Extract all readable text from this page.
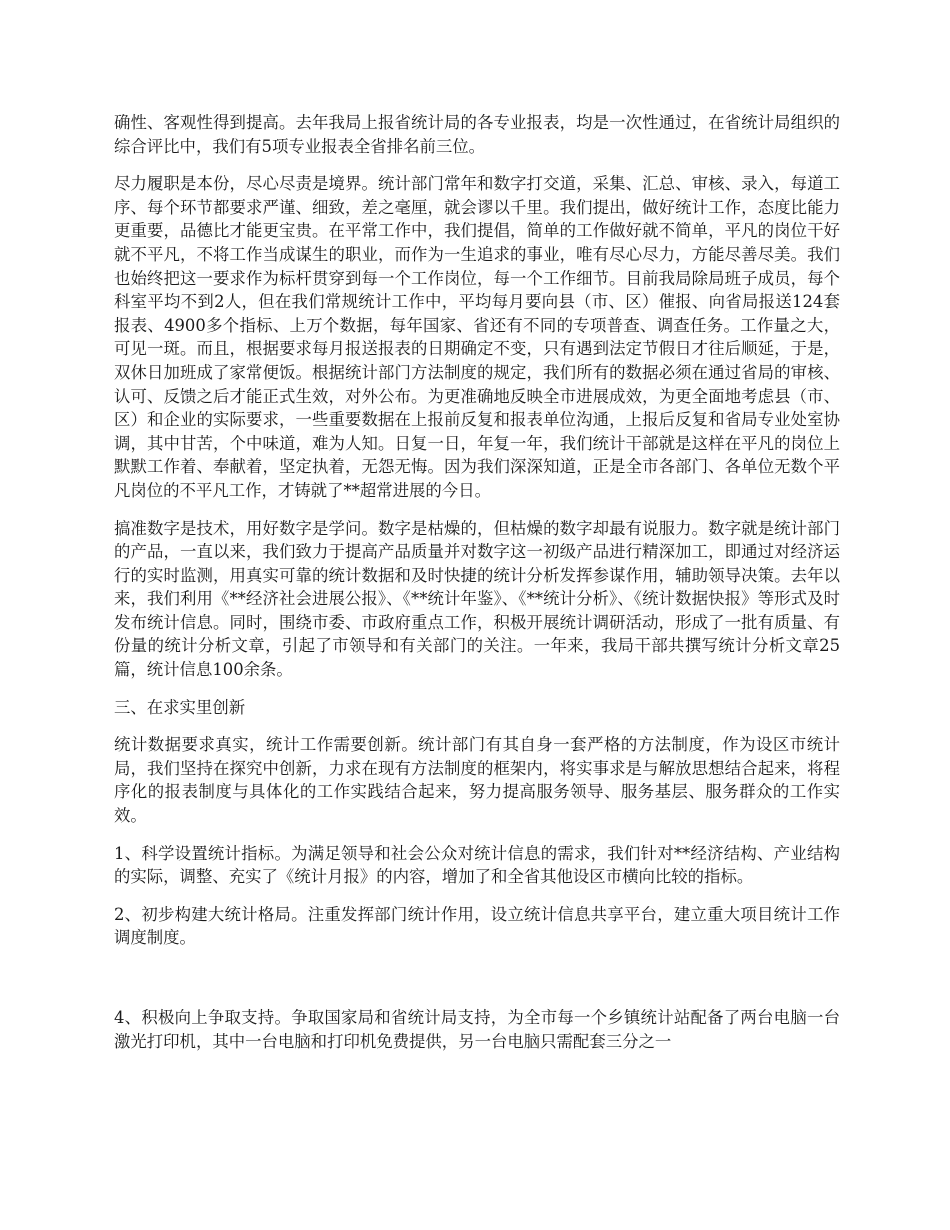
确性、客观性得到提高。去年我局上报省统计局的各专业报表，均是一次性通过，在省统计局组织的综合评比中，我们有5项专业报表全省排名前三位。

尽力履职是本份，尽心尽责是境界。统计部门常年和数字打交道，采集、汇总、审核、录入，每道工序、每个环节都要求严谨、细致，差之毫厘，就会谬以千里。我们提出，做好统计工作，态度比能力更重要，品德比才能更宝贵。在平常工作中，我们提倡，简单的工作做好就不简单，平凡的岗位干好就不平凡，不将工作当成谋生的职业，而作为一生追求的事业，唯有尽心尽力，方能尽善尽美。我们也始终把这一要求作为标杆贯穿到每一个工作岗位，每一个工作细节。目前我局除局班子成员，每个科室平均不到2人，但在我们常规统计工作中，平均每月要向县（市、区）催报、向省局报送124套报表、4900多个指标、上万个数据，每年国家、省还有不同的专项普查、调查任务。工作量之大，可见一斑。而且，根据要求每月报送报表的日期确定不变，只有遇到法定节假日才往后顺延，于是，双休日加班成了家常便饭。根据统计部门方法制度的规定，我们所有的数据必须在通过省局的审核、认可、反馈之后才能正式生效，对外公布。为更准确地反映全市进展成效，为更全面地考虑县（市、区）和企业的实际要求，一些重要数据在上报前反复和报表单位沟通，上报后反复和省局专业处室协调，其中甘苦，个中味道，难为人知。日复一日，年复一年，我们统计干部就是这样在平凡的岗位上默默工作着、奉献着，坚定执着，无怨无悔。因为我们深深知道，正是全市各部门、各单位无数个平凡岗位的不平凡工作，才铸就了**超常进展的今日。

搞准数字是技术，用好数字是学问。数字是枯燥的，但枯燥的数字却最有说服力。数字就是统计部门的产品，一直以来，我们致力于提高产品质量并对数字这一初级产品进行精深加工，即通过对经济运行的实时监测，用真实可靠的统计数据和及时快捷的统计分析发挥参谋作用，辅助领导决策。去年以来，我们利用《**经济社会进展公报》、《**统计年鉴》、《**统计分析》、《统计数据快报》等形式及时发布统计信息。同时，围绕市委、市政府重点工作，积极开展统计调研活动，形成了一批有质量、有份量的统计分析文章，引起了市领导和有关部门的关注。一年来，我局干部共撰写统计分析文章25篇，统计信息100余条。

三、在求实里创新

统计数据要求真实，统计工作需要创新。统计部门有其自身一套严格的方法制度，作为设区市统计局，我们坚持在探究中创新，力求在现有方法制度的框架内，将实事求是与解放思想结合起来，将程序化的报表制度与具体化的工作实践结合起来，努力提高服务领导、服务基层、服务群众的工作实效。

1、科学设置统计指标。为满足领导和社会公众对统计信息的需求，我们针对**经济结构、产业结构的实际，调整、充实了《统计月报》的内容，增加了和全省其他设区市横向比较的指标。

2、初步构建大统计格局。注重发挥部门统计作用，设立统计信息共享平台，建立重大项目统计工作调度制度。

4、积极向上争取支持。争取国家局和省统计局支持，为全市每一个乡镇统计站配备了两台电脑一台激光打印机，其中一台电脑和打印机免费提供，另一台电脑只需配套三分之一
